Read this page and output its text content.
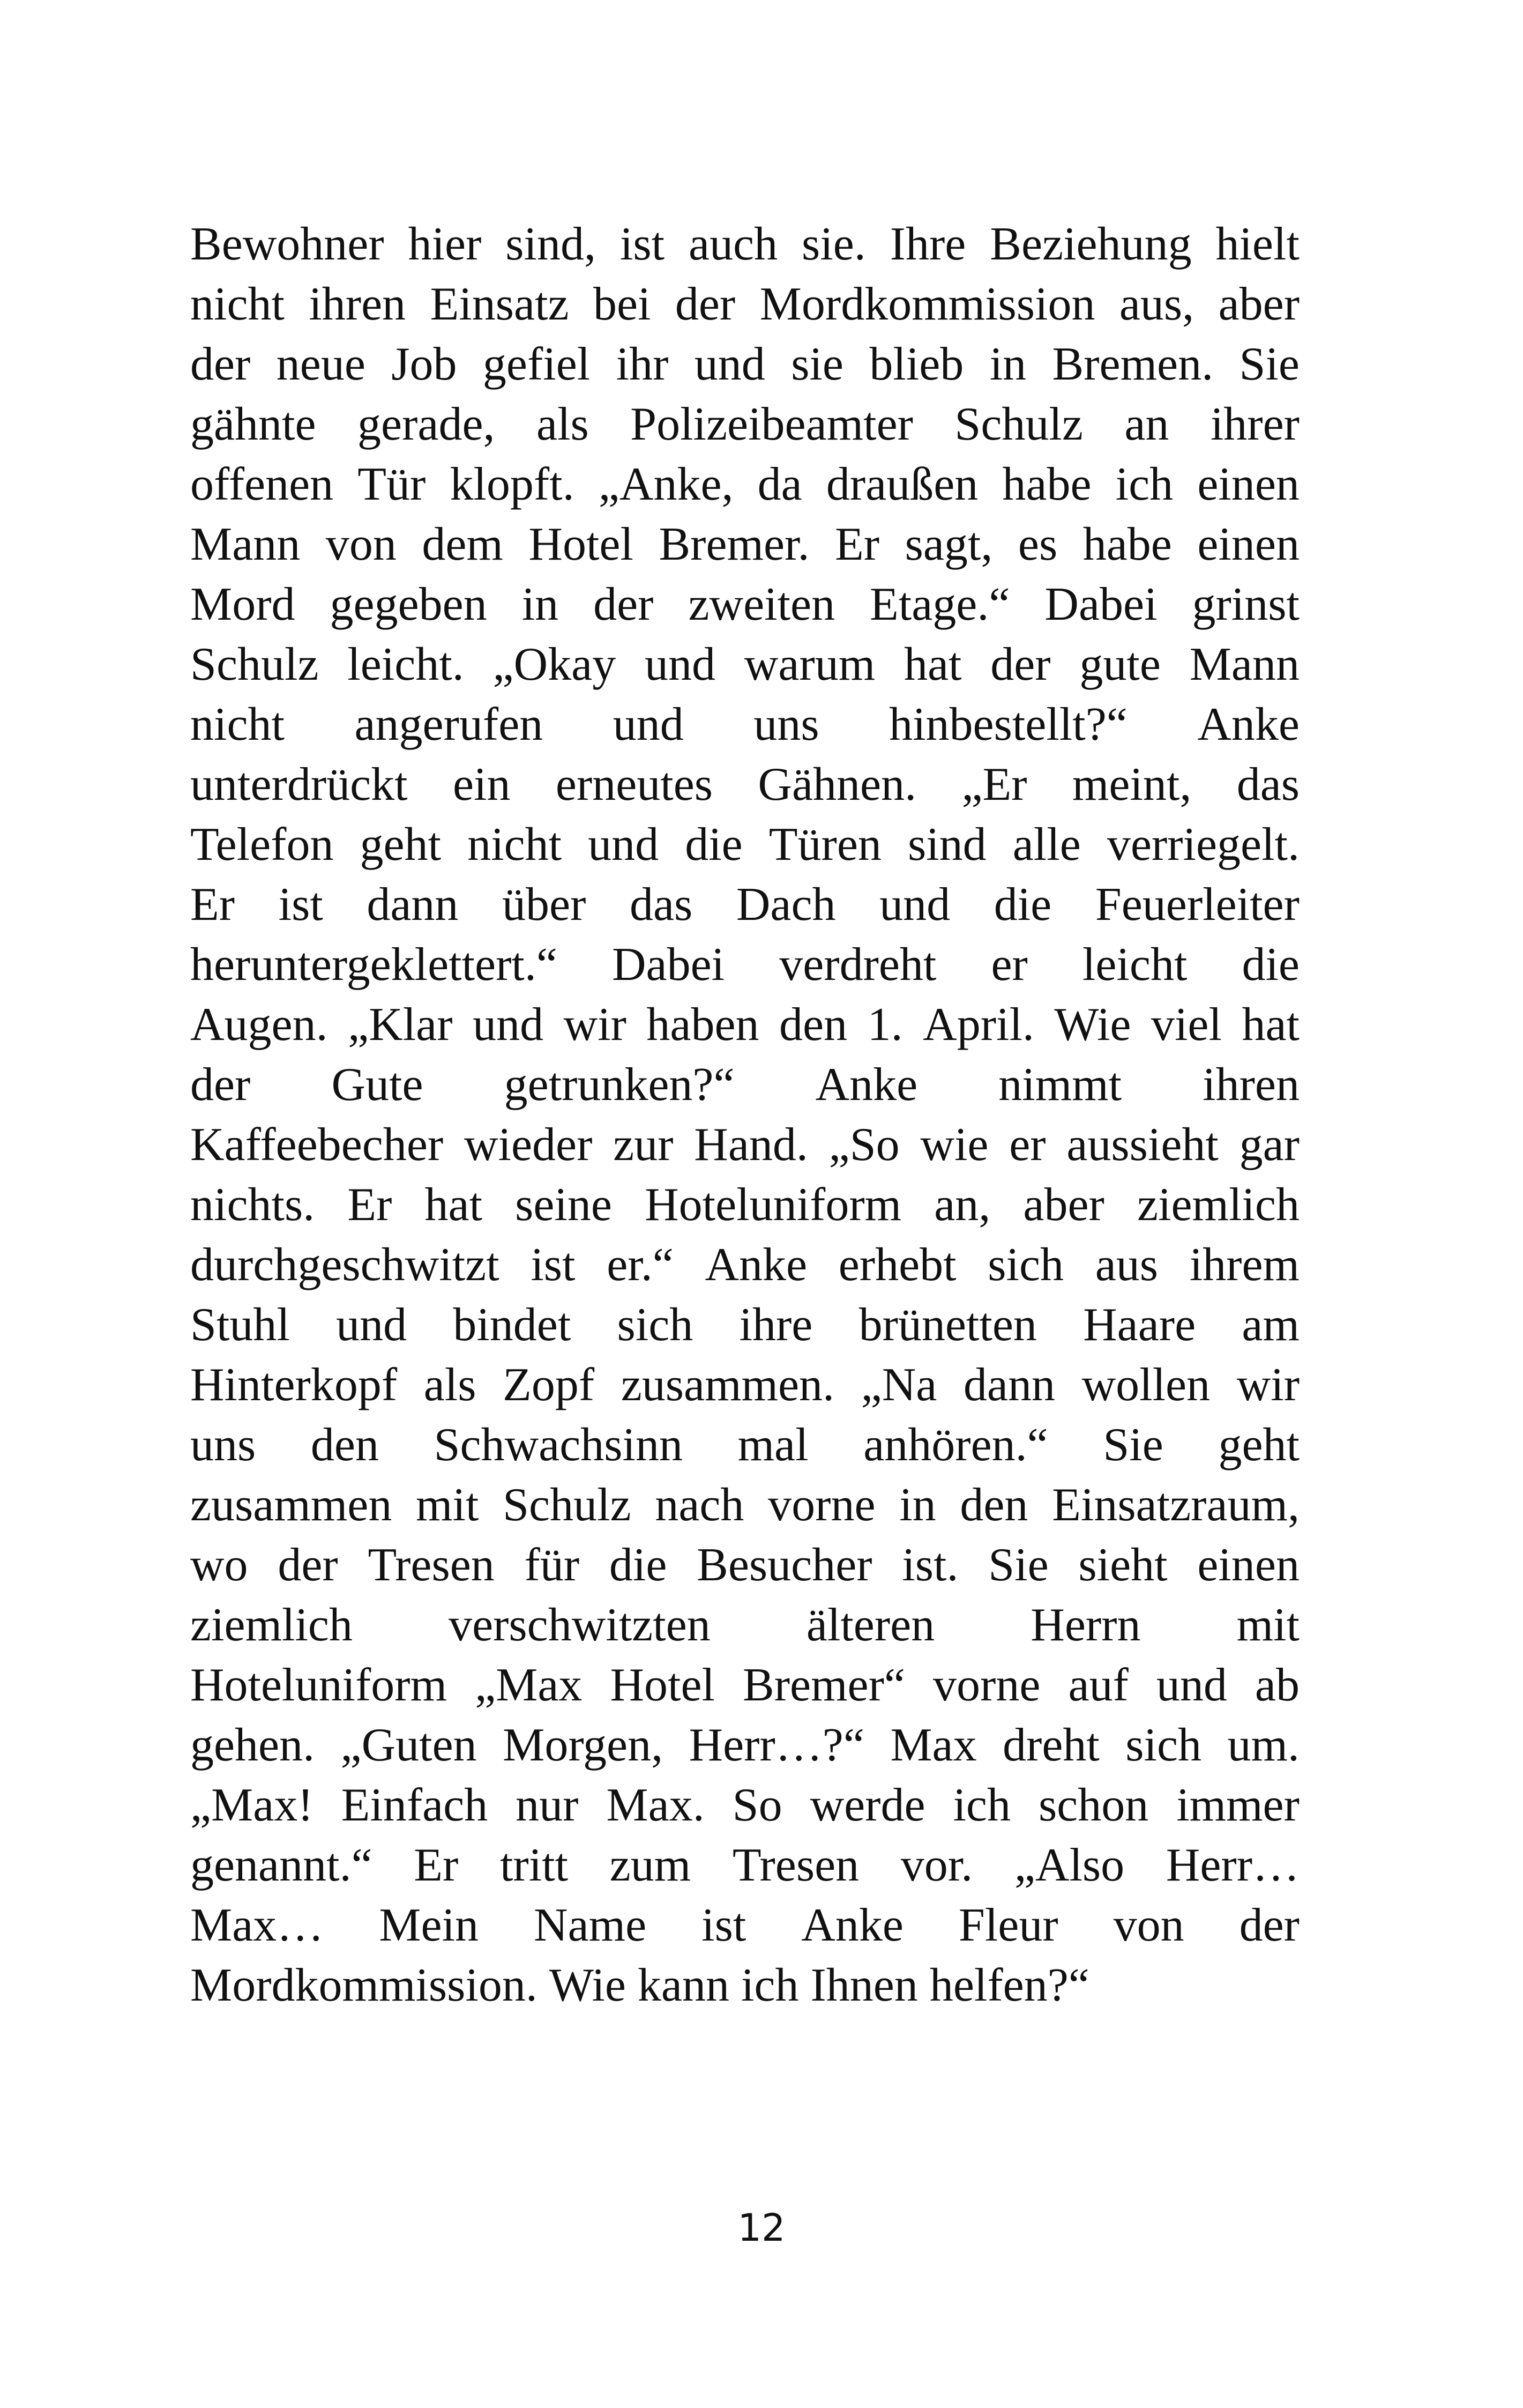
Bewohner hier sind, ist auch sie. Ihre Beziehung hielt
nicht ihren Einsatz bei der Mordkommission aus, aber
der neue Job gefiel ihr und sie blieb in Bremen. Sie
gähnte gerade, als Polizeibeamter Schulz an ihrer
offenen Tür klopft. „Anke, da draußen habe ich einen
Mann von dem Hotel Bremer. Er sagt, es habe einen
Mord gegeben in der zweiten Etage.“ Dabei grinst
Schulz leicht. „Okay und warum hat der gute Mann
nicht angerufen und uns hinbestellt?“ Anke
unterdrückt ein erneutes Gähnen. „Er meint, das
Telefon geht nicht und die Türen sind alle verriegelt.
Er ist dann über das Dach und die Feuerleiter
heruntergeklettert.“ Dabei verdreht er leicht die
Augen. „Klar und wir haben den 1. April. Wie viel hat
der Gute getrunken?“ Anke nimmt ihren
Kaffeebecher wieder zur Hand. „So wie er aussieht gar
nichts. Er hat seine Hoteluniform an, aber ziemlich
durchgeschwitzt ist er.“ Anke erhebt sich aus ihrem
Stuhl und bindet sich ihre brünetten Haare am
Hinterkopf als Zopf zusammen. „Na dann wollen wir
uns den Schwachsinn mal anhören.“ Sie geht
zusammen mit Schulz nach vorne in den Einsatzraum,
wo der Tresen für die Besucher ist. Sie sieht einen
ziemlich verschwitzten älteren Herrn mit
Hoteluniform „Max Hotel Bremer“ vorne auf und ab
gehen. „Guten Morgen, Herr…?“ Max dreht sich um.
„Max! Einfach nur Max. So werde ich schon immer
genannt.“ Er tritt zum Tresen vor. „Also Herr…
Max… Mein Name ist Anke Fleur von der
Mordkommission. Wie kann ich Ihnen helfen?“
12
